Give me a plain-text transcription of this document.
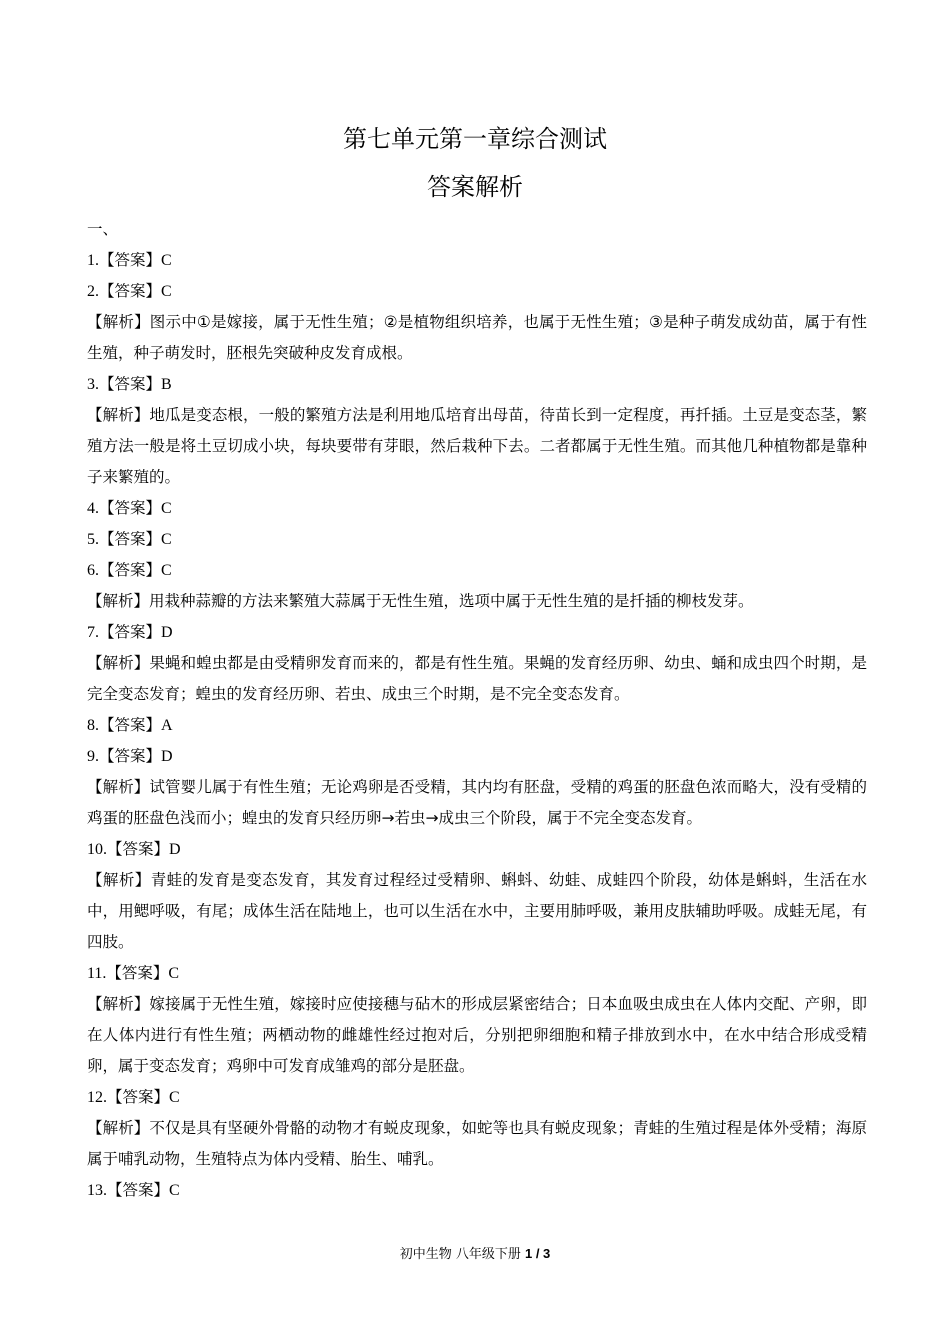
第七单元第一章综合测试
答案解析

一、

1.【答案】C

2.【答案】C

【解析】图示中①是嫁接，属于无性生殖；②是植物组织培养，也属于无性生殖；③是种子萌发成幼苗，属于有性生殖，种子萌发时，胚根先突破种皮发育成根。

3.【答案】B

【解析】地瓜是变态根，一般的繁殖方法是利用地瓜培育出母苗，待苗长到一定程度，再扦插。土豆是变态茎，繁殖方法一般是将土豆切成小块，每块要带有芽眼，然后栽种下去。二者都属于无性生殖。而其他几种植物都是靠种子来繁殖的。

4.【答案】C

5.【答案】C

6.【答案】C

【解析】用栽种蒜瓣的方法来繁殖大蒜属于无性生殖，选项中属于无性生殖的是扦插的柳枝发芽。

7.【答案】D

【解析】果蝇和蝗虫都是由受精卵发育而来的，都是有性生殖。果蝇的发育经历卵、幼虫、蛹和成虫四个时期，是完全变态发育；蝗虫的发育经历卵、若虫、成虫三个时期，是不完全变态发育。

8.【答案】A

9.【答案】D

【解析】试管婴儿属于有性生殖；无论鸡卵是否受精，其内均有胚盘，受精的鸡蛋的胚盘色浓而略大，没有受精的鸡蛋的胚盘色浅而小；蝗虫的发育只经历卵→若虫→成虫三个阶段，属于不完全变态发育。

10.【答案】D

【解析】青蛙的发育是变态发育，其发育过程经过受精卵、蝌蚪、幼蛙、成蛙四个阶段，幼体是蝌蚪，生活在水中，用鳃呼吸，有尾；成体生活在陆地上，也可以生活在水中，主要用肺呼吸，兼用皮肤辅助呼吸。成蛙无尾，有四肢。

11.【答案】C

【解析】嫁接属于无性生殖，嫁接时应使接穗与砧木的形成层紧密结合；日本血吸虫成虫在人体内交配、产卵，即在人体内进行有性生殖；两栖动物的雌雄性经过抱对后，分别把卵细胞和精子排放到水中，在水中结合形成受精卵，属于变态发育；鸡卵中可发育成雏鸡的部分是胚盘。

12.【答案】C

【解析】不仅是具有坚硬外骨骼的动物才有蜕皮现象，如蛇等也具有蜕皮现象；青蛙的生殖过程是体外受精；海原属于哺乳动物，生殖特点为体内受精、胎生、哺乳。

13.【答案】C

初中生物 八年级下册 1 / 3
